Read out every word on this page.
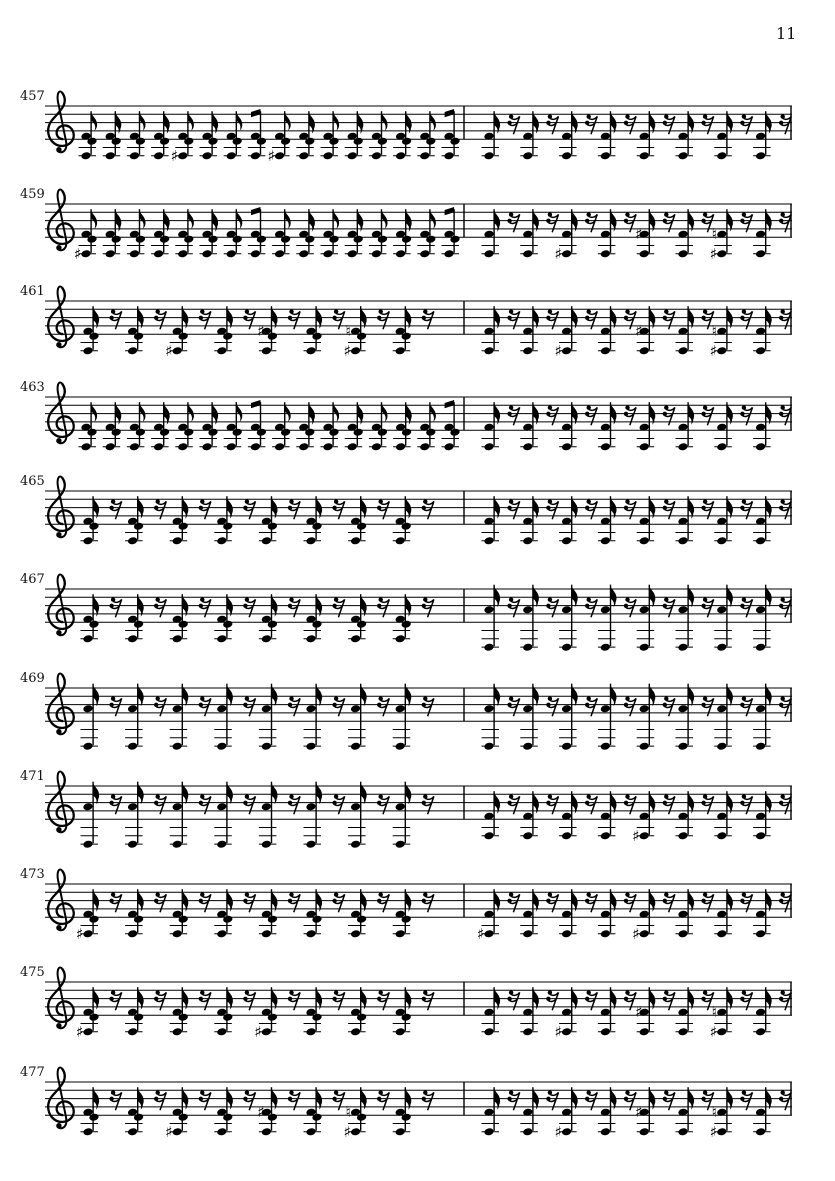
11
457
♯	♯
459
♯	♯
♯	♮
♯
461
♯
♯	♮
♯	♯
♯	♮
♯
463
465
467
469
471
♯
473
♯	♯	♯
475
♯	♯	♯
♯	♮
♯
477
♯
♯	♮
♯	♯
♯	♮
♯
